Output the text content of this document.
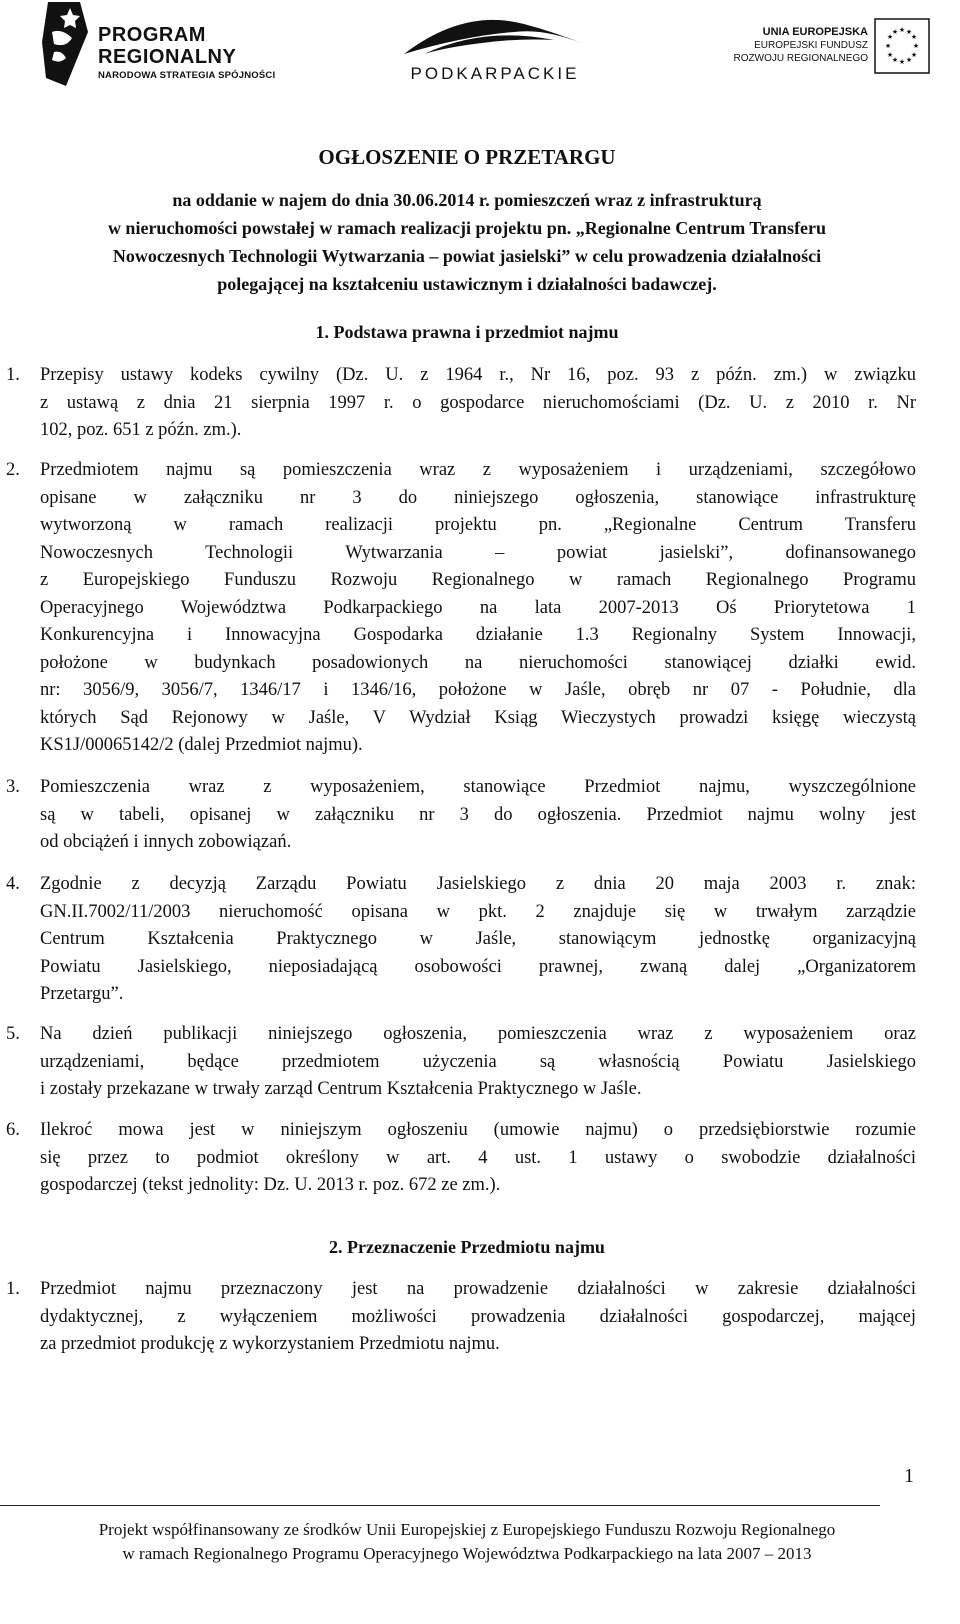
PROGRAM
REGIONALNY
NARODOWA STRATEGIA SPÓJNOŚCI	PODKARPACKIE
UNIA EUROPEJSKA
EUROPEJSKI FUNDUSZ
ROZWOJU REGIONALNEGO
★ ★
★
★
★
★
★
★
★
★
★
★
OGŁOSZENIE O PRZETARGU
na oddanie w najem do dnia 30.06.2014 r. pomieszczeń wraz z infrastrukturą
w nieruchomości powstałej w ramach realizacji projektu pn. „Regionalne Centrum Transferu
Nowoczesnych Technologii Wytwarzania – powiat jasielski” w celu prowadzenia działalności
polegającej na kształceniu ustawicznym i działalności badawczej.
1. Podstawa prawna i przedmiot najmu
1. Przepisy ustawy kodeks cywilny (Dz. U. z 1964 r., Nr 16, poz. 93 z późn. zm.) w związku
z ustawą z dnia 21 sierpnia 1997 r. o gospodarce nieruchomościami (Dz. U. z 2010 r. Nr
102, poz. 651 z późn. zm.).
2. Przedmiotem najmu są pomieszczenia wraz z wyposażeniem i urządzeniami, szczegółowo
opisane w załączniku nr 3 do niniejszego ogłoszenia, stanowiące infrastrukturę
wytworzoną w ramach realizacji projektu pn. „Regionalne Centrum Transferu
Nowoczesnych Technologii Wytwarzania – powiat jasielski”, dofinansowanego
z Europejskiego Funduszu Rozwoju Regionalnego w ramach Regionalnego Programu
Operacyjnego Województwa Podkarpackiego na lata 2007-2013 Oś Priorytetowa 1
Konkurencyjna i Innowacyjna Gospodarka działanie 1.3 Regionalny System Innowacji,
położone w budynkach posadowionych na nieruchomości stanowiącej działki ewid.
nr: 3056/9, 3056/7, 1346/17 i 1346/16, położone w Jaśle, obręb nr 07 - Południe, dla
których Sąd Rejonowy w Jaśle, V Wydział Ksiąg Wieczystych prowadzi księgę wieczystą
KS1J/00065142/2 (dalej Przedmiot najmu).
3. Pomieszczenia wraz z wyposażeniem, stanowiące Przedmiot najmu, wyszczególnione
są w tabeli, opisanej w załączniku nr 3 do ogłoszenia. Przedmiot najmu wolny jest
od obciążeń i innych zobowiązań.
4. Zgodnie z decyzją Zarządu Powiatu Jasielskiego z dnia 20 maja 2003 r. znak:
GN.II.7002/11/2003 nieruchomość opisana w pkt. 2 znajduje się w trwałym zarządzie
Centrum Kształcenia Praktycznego w Jaśle, stanowiącym jednostkę organizacyjną
Powiatu Jasielskiego, nieposiadającą osobowości prawnej, zwaną dalej „Organizatorem
Przetargu”.
5. Na dzień publikacji niniejszego ogłoszenia, pomieszczenia wraz z wyposażeniem oraz
urządzeniami, będące przedmiotem użyczenia są własnością Powiatu Jasielskiego
i zostały przekazane w trwały zarząd Centrum Kształcenia Praktycznego w Jaśle.
6. Ilekroć mowa jest w niniejszym ogłoszeniu (umowie najmu) o przedsiębiorstwie rozumie
się przez to podmiot określony w art. 4 ust. 1 ustawy o swobodzie działalności
gospodarczej (tekst jednolity: Dz. U. 2013 r. poz. 672 ze zm.).
2. Przeznaczenie Przedmiotu najmu
1. Przedmiot najmu przeznaczony jest na prowadzenie działalności w zakresie działalności
dydaktycznej, z wyłączeniem możliwości prowadzenia działalności gospodarczej, mającej
za przedmiot produkcję z wykorzystaniem Przedmiotu najmu.
1
Projekt współfinansowany ze środków Unii Europejskiej z Europejskiego Funduszu Rozwoju Regionalnego
w ramach Regionalnego Programu Operacyjnego Województwa Podkarpackiego na lata 2007 – 2013
